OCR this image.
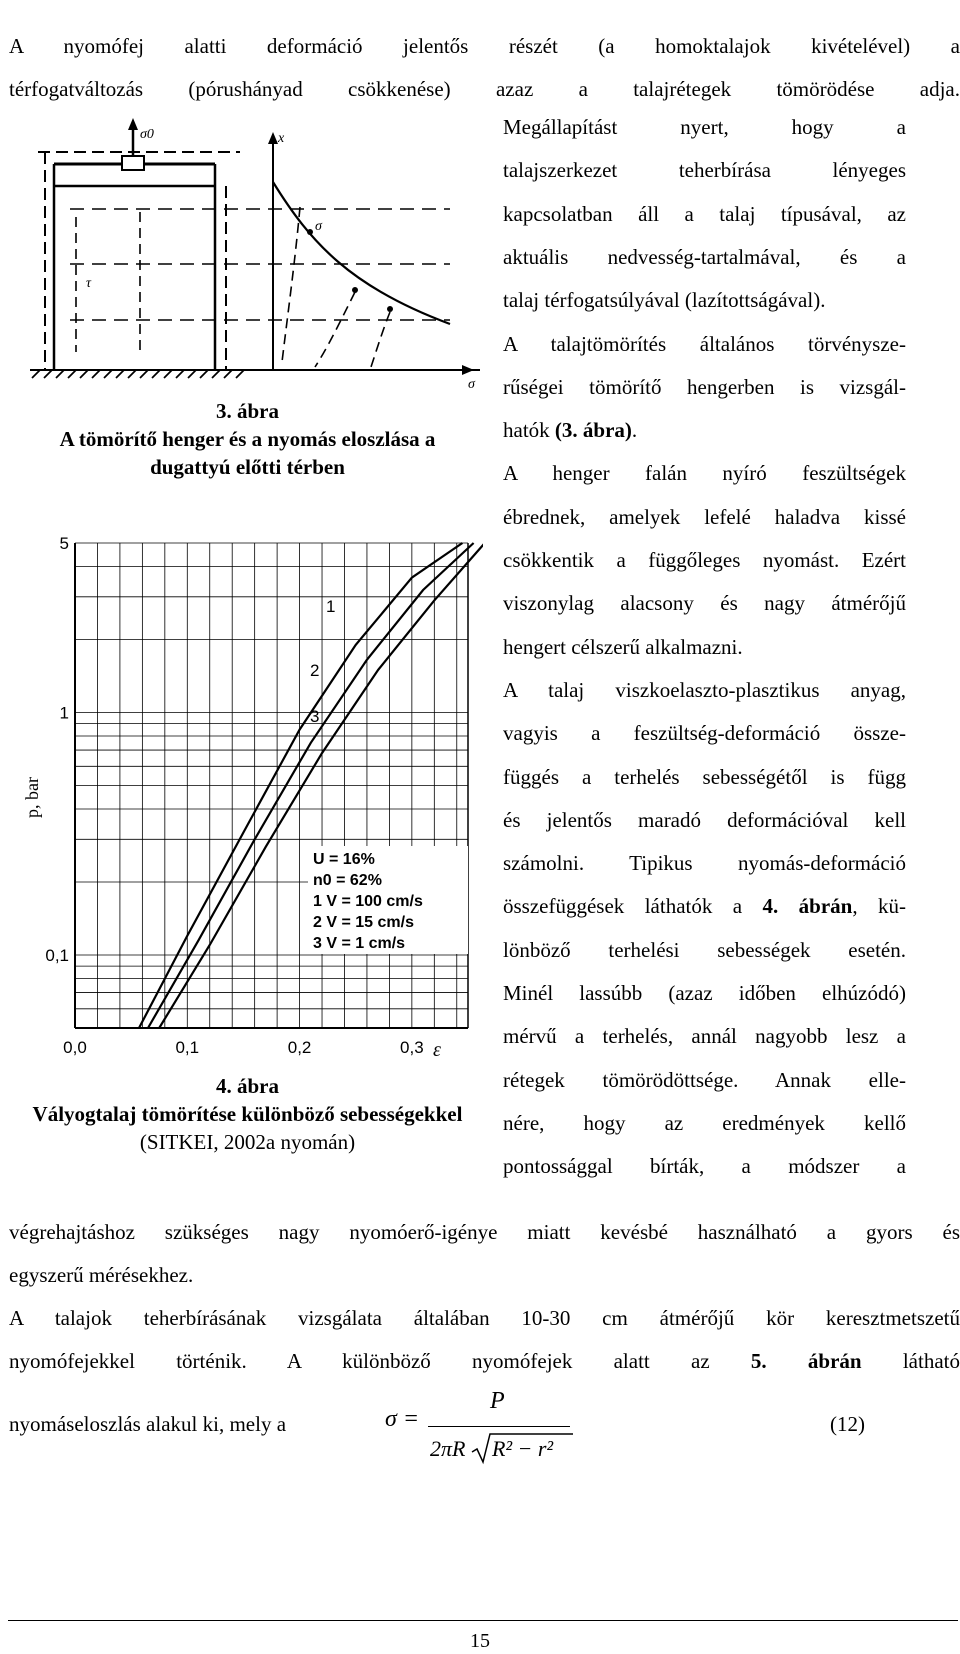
A nyomófej alatti deformáció jelentős részét (a homoktalajok kivételével) a
térfogatváltozás (pórushányad csökkenése) azaz a talajrétegek tömörödése adja.
Megállapítást nyert, hogy a
talajszerkezet teherbírása lényeges
kapcsolatban áll a talaj típusával, az
aktuális nedvesség-tartalmával, és a
talaj térfogatsúlyával (lazítottságával).
A talajtömörítés általános törvénysze-
rűségei tömörítő hengerben is vizsgál-
hatók (3. ábra).
A henger falán nyíró feszültségek
ébrednek, amelyek lefelé haladva kissé
csökkentik a függőleges nyomást. Ezért
viszonylag alacsony és nagy átmérőjű
hengert célszerű alkalmazni.
A talaj viszkoelaszto-plasztikus anyag,
vagyis a feszültség-deformáció össze-
függés a terhelés sebességétől is függ
és jelentős maradó deformációval kell
számolni. Tipikus nyomás-deformáció
összefüggések láthatók a 4. ábrán, kü-
lönböző terhelési sebességek esetén.
Minél lassúbb (azaz időben elhúzódó)
mérvű a terhelés, annál nagyobb lesz a
rétegek tömörödöttsége. Annak elle-
nére, hogy az eredmények kellő
pontossággal bírták, a módszer a
σ0	x
τ
σ
σ
3. ábra
A tömörítő henger és a nyomás eloszlása a dugattyú előtti térben
0,0	0,1	0,2	0,3
0,1
1
5
p, bar
ε
U = 16%
n0 = 62%
1 V = 100 cm/s
2 V = 15 cm/s
3 V = 1 cm/s
1
2
3
4. ábra
Vályogtalaj tömörítése különböző sebességekkel (SITKEI, 2002a nyomán)
végrehajtáshoz szükséges nagy nyomóerő-igénye miatt kevésbé használható a gyors és
egyszerű mérésekhez.
A talajok teherbírásának vizsgálata általában 10-30 cm átmérőjű kör keresztmetszetű
nyomófejekkel történik. A különböző nyomófejek alatt az 5. ábrán látható
nyomáseloszlás alakul ki, mely a	σ =
P
2πR R² − r²
(12)
15
